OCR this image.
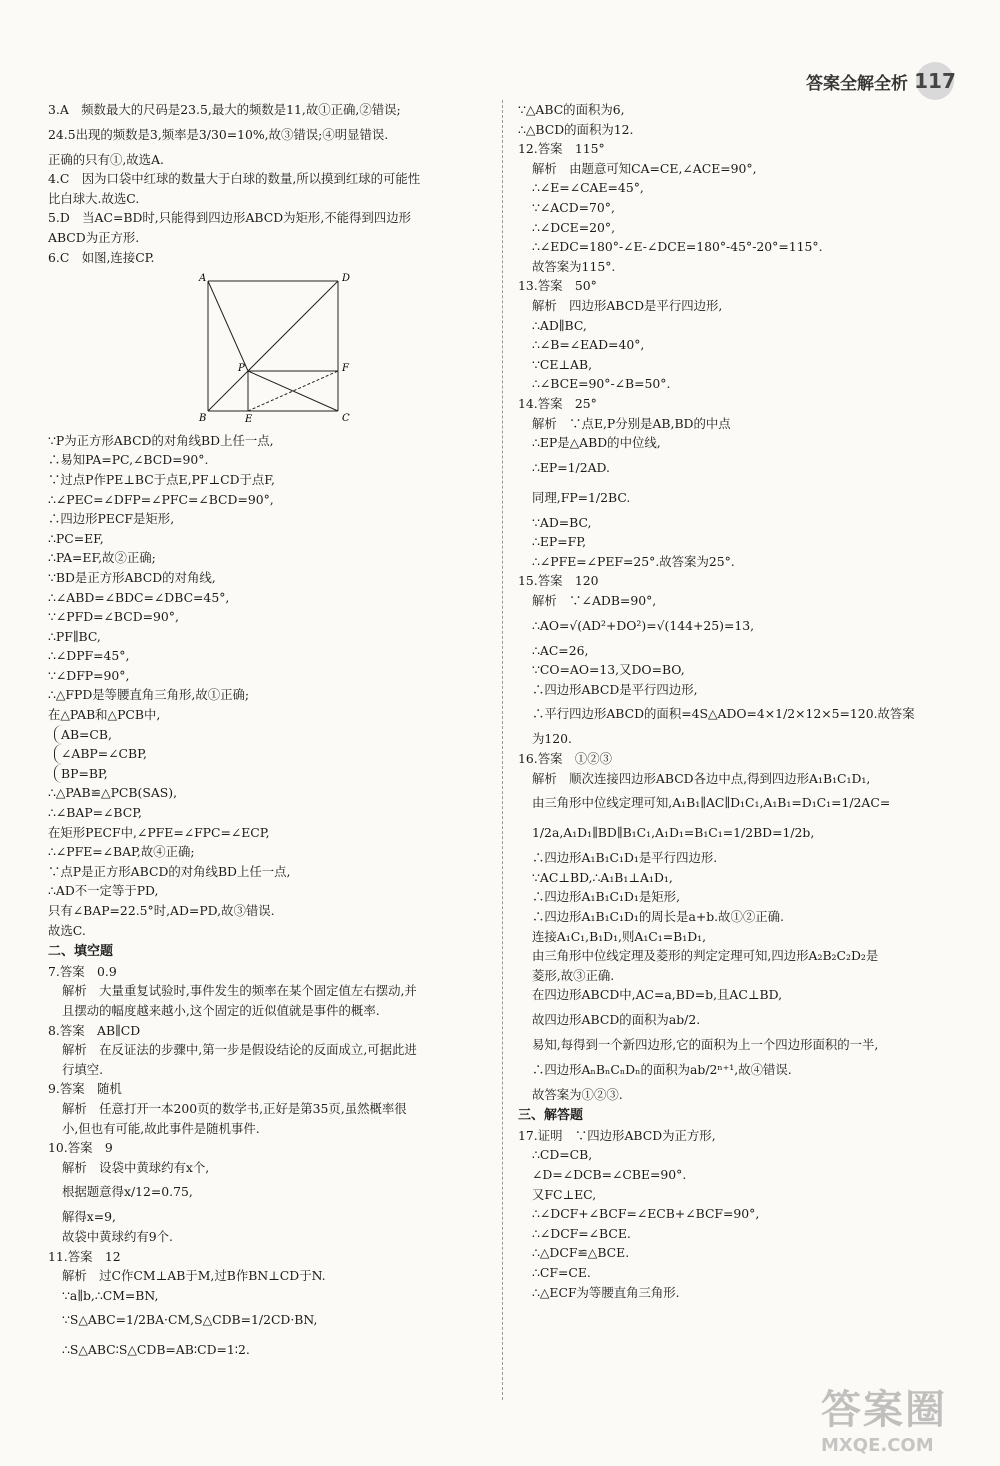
答案全解全析 117
3.A　频数最大的尺码是23.5,最大的频数是11,故①正确,②错误;
24.5出现的频数是3,频率是3/30=10%,故③错误;④明显错误.
正确的只有①,故选A.
4.C　因为口袋中红球的数量大于白球的数量,所以摸到红球的可能性
比白球大.故选C.
5.D　当AC=BD时,只能得到四边形ABCD为矩形,不能得到四边形
ABCD为正方形.
6.C　如图,连接CP.
A	D
P	F
B	E	C
∵P为正方形ABCD的对角线BD上任一点,
∴易知PA=PC,∠BCD=90°.
∵过点P作PE⊥BC于点E,PF⊥CD于点F,
∴∠PEC=∠DFP=∠PFC=∠BCD=90°,
∴四边形PECF是矩形,
∴PC=EF,
∴PA=EF,故②正确;
∵BD是正方形ABCD的对角线,
∴∠ABD=∠BDC=∠DBC=45°,
∵∠PFD=∠BCD=90°,
∴PF∥BC,
∴∠DPF=45°,
∵∠DFP=90°,
∴△FPD是等腰直角三角形,故①正确;
在△PAB和△PCB中,
AB=CB,
∠ABP=∠CBP,
BP=BP,
∴△PAB≌△PCB(SAS),
∴∠BAP=∠BCP,
在矩形PECF中,∠PFE=∠FPC=∠ECP,
∴∠PFE=∠BAP,故④正确;
∵点P是正方形ABCD的对角线BD上任一点,
∴AD不一定等于PD,
只有∠BAP=22.5°时,AD=PD,故③错误.
故选C.
二、填空题
7.答案　0.9
解析　大量重复试验时,事件发生的频率在某个固定值左右摆动,并
且摆动的幅度越来越小,这个固定的近似值就是事件的概率.
8.答案　AB∥CD
解析　在反证法的步骤中,第一步是假设结论的反面成立,可据此进
行填空.
9.答案　随机
解析　任意打开一本200页的数学书,正好是第35页,虽然概率很
小,但也有可能,故此事件是随机事件.
10.答案　9
解析　设袋中黄球约有x个,
根据题意得x/12=0.75,
解得x=9,
故袋中黄球约有9个.
11.答案　12
解析　过C作CM⊥AB于M,过B作BN⊥CD于N.
∵a∥b,∴CM=BN,
∵S△ABC=1/2BA·CM,S△CDB=1/2CD·BN,
∴S△ABC∶S△CDB=AB∶CD=1∶2.
∵△ABC的面积为6,
∴△BCD的面积为12.
12.答案　115°
解析　由题意可知CA=CE,∠ACE=90°,
∴∠E=∠CAE=45°,
∵∠ACD=70°,
∴∠DCE=20°,
∴∠EDC=180°-∠E-∠DCE=180°-45°-20°=115°.
故答案为115°.
13.答案　50°
解析　四边形ABCD是平行四边形,
∴AD∥BC,
∴∠B=∠EAD=40°,
∵CE⊥AB,
∴∠BCE=90°-∠B=50°.
14.答案　25°
解析　∵点E,P分别是AB,BD的中点
∴EP是△ABD的中位线,
∴EP=1/2AD.
同理,FP=1/2BC.
∵AD=BC,
∴EP=FP,
∴∠PFE=∠PEF=25°.故答案为25°.
15.答案　120
解析　∵∠ADB=90°,
∴AO=√(AD²+DO²)=√(144+25)=13,
∴AC=26,
∵CO=AO=13,又DO=BO,
∴四边形ABCD是平行四边形,
∴平行四边形ABCD的面积=4S△ADO=4×1/2×12×5=120.故答案
为120.
16.答案　①②③
解析　顺次连接四边形ABCD各边中点,得到四边形A₁B₁C₁D₁,
由三角形中位线定理可知,A₁B₁∥AC∥D₁C₁,A₁B₁=D₁C₁=1/2AC=
1/2a,A₁D₁∥BD∥B₁C₁,A₁D₁=B₁C₁=1/2BD=1/2b,
∴四边形A₁B₁C₁D₁是平行四边形.
∵AC⊥BD,∴A₁B₁⊥A₁D₁,
∴四边形A₁B₁C₁D₁是矩形,
∴四边形A₁B₁C₁D₁的周长是a+b.故①②正确.
连接A₁C₁,B₁D₁,则A₁C₁=B₁D₁,
由三角形中位线定理及菱形的判定定理可知,四边形A₂B₂C₂D₂是
菱形,故③正确.
在四边形ABCD中,AC=a,BD=b,且AC⊥BD,
故四边形ABCD的面积为ab/2.
易知,每得到一个新四边形,它的面积为上一个四边形面积的一半,
∴四边形AₙBₙCₙDₙ的面积为ab/2ⁿ⁺¹,故④错误.
故答案为①②③.
三、解答题
17.证明　∵四边形ABCD为正方形,
∴CD=CB,
∠D=∠DCB=∠CBE=90°.
又FC⊥EC,
∴∠DCF+∠BCF=∠ECB+∠BCF=90°,
∴∠DCF=∠BCE.
∴△DCF≌△BCE.
∴CF=CE.
∴△ECF为等腰直角三角形.
答案圈
MXQE.COM
